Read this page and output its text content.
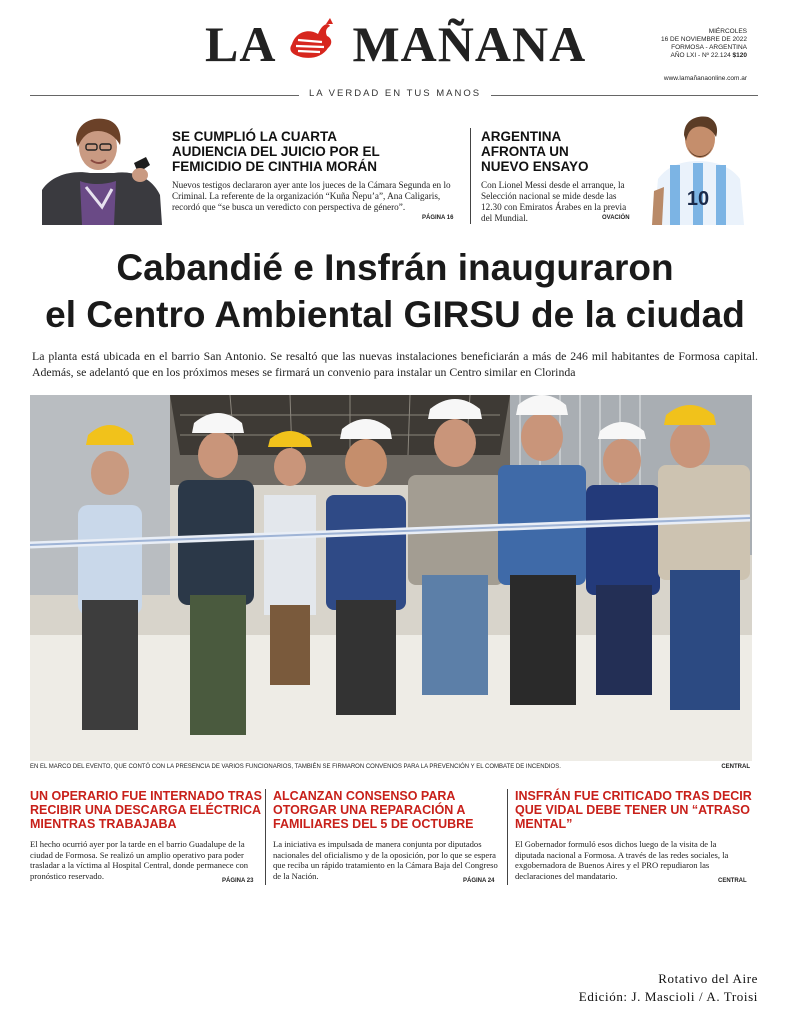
LA MAÑANA	MIÉRCOLES
16 DE NOVIEMBRE DE 2022
FORMOSA - ARGENTINA
AÑO LXI - Nº 22.124 $120
www.lamañanaonline.com.ar
LA VERDAD EN TUS MANOS
SE CUMPLIÓ LA CUARTA AUDIENCIA DEL JUICIO POR EL FEMICIDIO DE CINTHIA MORÁN
Nuevos testigos declararon ayer ante los jueces de la Cámara Segunda en lo Criminal. La referente de la organización “Kuña Ñepu’a”, Ana Caligaris, recordó que “se busca un veredicto con perspectiva de género”.
PÁGINA 16
ARGENTINA AFRONTA UN NUEVO ENSAYO
Con Lionel Messi desde el arranque, la Selección nacional se mide desde las 12.30 con Emiratos Árabes en la previa del Mundial.	OVACIÓN
10
Cabandié e Insfrán inauguraron
el Centro Ambiental GIRSU de la ciudad
La planta está ubicada en el barrio San Antonio. Se resaltó que las nuevas instalaciones beneficiarán a más de 246 mil habitantes de Formosa capital. Además, se adelantó que en los próximos meses se firmará un convenio para instalar un Centro similar en Clorinda
EN EL MARCO DEL EVENTO, QUE CONTÓ CON LA PRESENCIA DE VARIOS FUNCIONARIOS, TAMBIÉN SE FIRMARON CONVENIOS PARA LA PREVENCIÓN Y EL COMBATE DE INCENDIOS.	CENTRAL
UN OPERARIO FUE INTERNADO TRAS RECIBIR UNA DESCARGA ELÉCTRICA MIENTRAS TRABAJABA
El hecho ocurrió ayer por la tarde en el barrio Guadalupe de la ciudad de Formosa. Se realizó un amplio operativo para poder trasladar a la víctima al Hospital Central, donde permanece con pronóstico reservado.
PÁGINA 23
ALCANZAN CONSENSO PARA OTORGAR UNA REPARACIÓN A FAMILIARES DEL 5 DE OCTUBRE
La iniciativa es impulsada de manera conjunta por diputados nacionales del oficialismo y de la oposición, por lo que se espera que reciba un rápido tratamiento en la Cámara Baja del Congreso de la Nación.
PÁGINA 24
INSFRÁN FUE CRITICADO TRAS DECIR QUE VIDAL DEBE TENER UN “ATRASO MENTAL”
El Gobernador formuló esos dichos luego de la visita de la diputada nacional a Formosa. A través de las redes sociales, la exgobernadora de Buenos Aires y el PRO repudiaron las declaraciones del mandatario.
CENTRAL
Rotativo del Aire
Edición: J. Mascioli / A. Troisi
